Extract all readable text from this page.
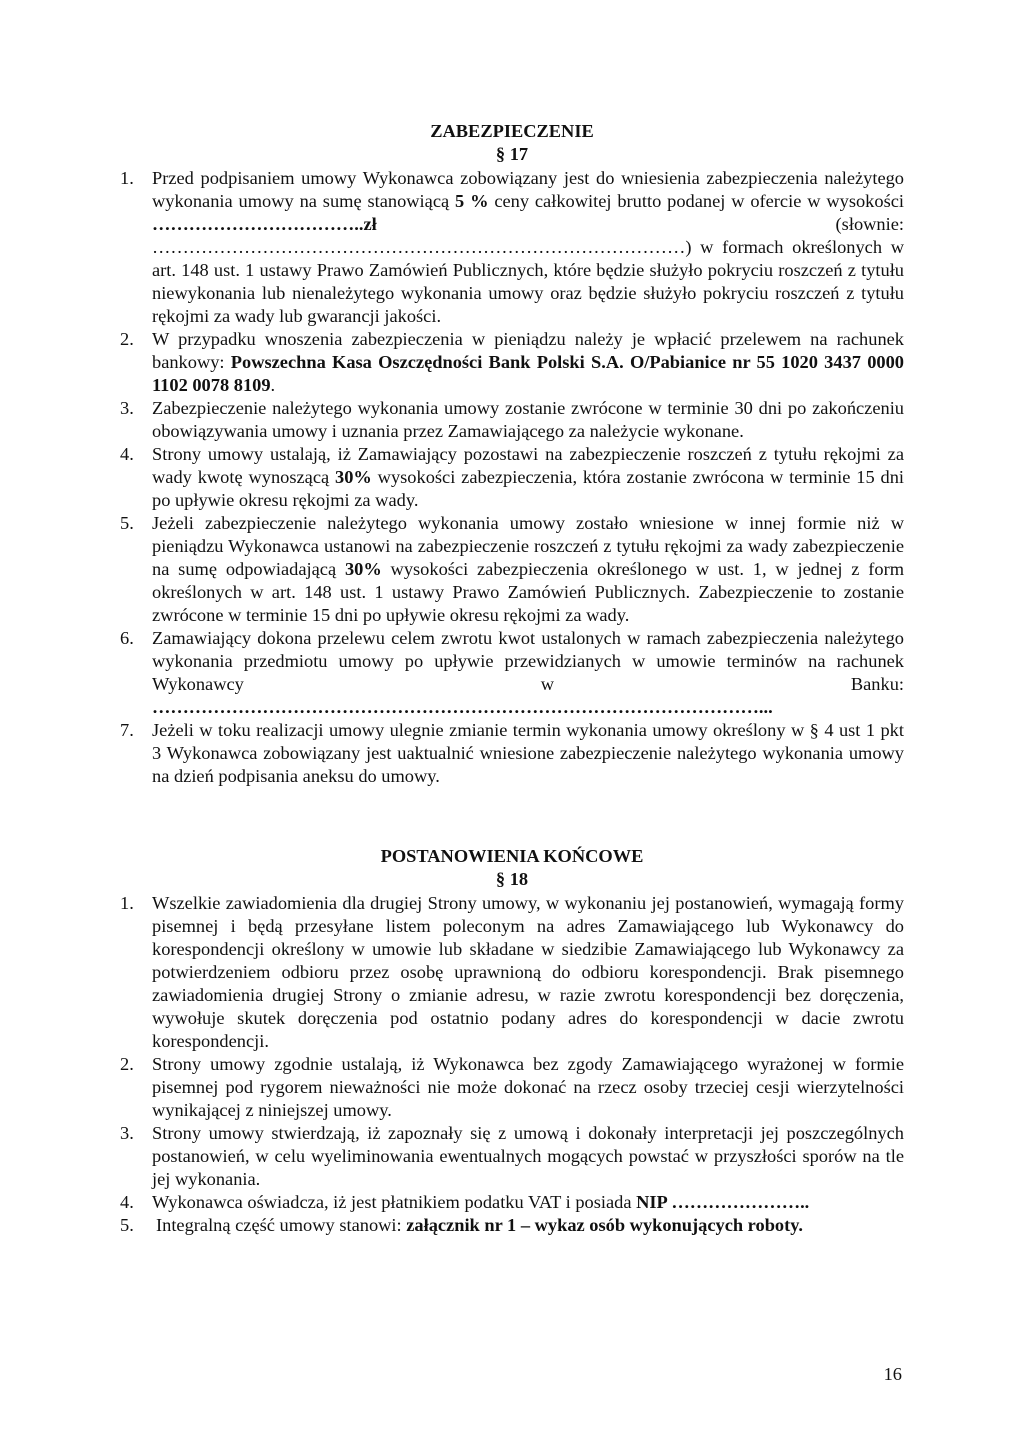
ZABEZPIECZENIE
§ 17
1. Przed podpisaniem umowy Wykonawca zobowiązany jest do wniesienia zabezpieczenia należytego wykonania umowy na sumę stanowiącą 5 % ceny całkowitej brutto podanej w ofercie w wysokości ……………………………..zł (słownie: ……………………………………………………………………………) w formach określonych w art. 148 ust. 1 ustawy Prawo Zamówień Publicznych, które będzie służyło pokryciu roszczeń z tytułu niewykonania lub nienależytego wykonania umowy oraz będzie służyło pokryciu roszczeń z tytułu rękojmi za wady lub gwarancji jakości.
2. W przypadku wnoszenia zabezpieczenia w pieniądzu należy je wpłacić przelewem na rachunek bankowy: Powszechna Kasa Oszczędności Bank Polski S.A. O/Pabianice nr 55 1020 3437 0000 1102 0078 8109.
3. Zabezpieczenie należytego wykonania umowy zostanie zwrócone w terminie 30 dni po zakończeniu obowiązywania umowy i uznania przez Zamawiającego za należycie wykonane.
4. Strony umowy ustalają, iż Zamawiający pozostawi na zabezpieczenie roszczeń z tytułu rękojmi za wady kwotę wynoszącą 30% wysokości zabezpieczenia, która zostanie zwrócona w terminie 15 dni po upływie okresu rękojmi za wady.
5. Jeżeli zabezpieczenie należytego wykonania umowy zostało wniesione w innej formie niż w pieniądzu Wykonawca ustanowi na zabezpieczenie roszczeń z tytułu rękojmi za wady zabezpieczenie na sumę odpowiadającą 30% wysokości zabezpieczenia określonego w ust. 1, w jednej z form określonych w art. 148 ust. 1 ustawy Prawo Zamówień Publicznych. Zabezpieczenie to zostanie zwrócone w terminie 15 dni po upływie okresu rękojmi za wady.
6. Zamawiający dokona przelewu celem zwrotu kwot ustalonych w ramach zabezpieczenia należytego wykonania przedmiotu umowy po upływie przewidzianych w umowie terminów na rachunek Wykonawcy w Banku: ………………………………………………………………………………………...
7. Jeżeli w toku realizacji umowy ulegnie zmianie termin wykonania umowy określony w § 4 ust 1 pkt 3 Wykonawca zobowiązany jest uaktualnić wniesione zabezpieczenie należytego wykonania umowy na dzień podpisania aneksu do umowy.
POSTANOWIENIA KOŃCOWE
§ 18
1. Wszelkie zawiadomienia dla drugiej Strony umowy, w wykonaniu jej postanowień, wymagają formy pisemnej i będą przesyłane listem poleconym na adres Zamawiającego lub Wykonawcy do korespondencji określony w umowie lub składane w siedzibie Zamawiającego lub Wykonawcy za potwierdzeniem odbioru przez osobę uprawnioną do odbioru korespondencji. Brak pisemnego zawiadomienia drugiej Strony o zmianie adresu, w razie zwrotu korespondencji bez doręczenia, wywołuje skutek doręczenia pod ostatnio podany adres do korespondencji w dacie zwrotu korespondencji.
2. Strony umowy zgodnie ustalają, iż Wykonawca bez zgody Zamawiającego wyrażonej w formie pisemnej pod rygorem nieważności nie może dokonać na rzecz osoby trzeciej cesji wierzytelności wynikającej z niniejszej umowy.
3. Strony umowy stwierdzają, iż zapoznały się z umową i dokonały interpretacji jej poszczególnych postanowień, w celu wyeliminowania ewentualnych mogących powstać w przyszłości sporów na tle jej wykonania.
4. Wykonawca oświadcza, iż jest płatnikiem podatku VAT i posiada NIP …………………..
5.	Integralną część umowy stanowi: załącznik nr 1 – wykaz osób wykonujących roboty.
16
